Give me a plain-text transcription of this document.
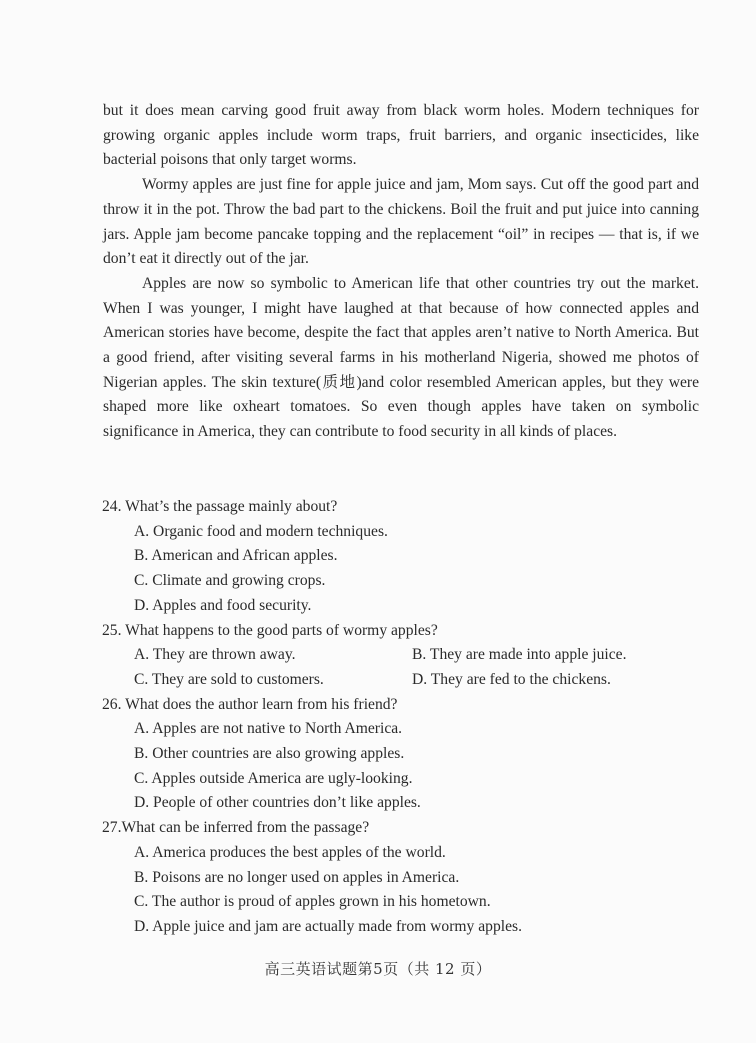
but it does mean carving good fruit away from black worm holes. Modern techniques for growing organic apples include worm traps, fruit barriers, and organic insecticides, like bacterial poisons that only target worms.

Wormy apples are just fine for apple juice and jam, Mom says. Cut off the good part and throw it in the pot. Throw the bad part to the chickens. Boil the fruit and put juice into canning jars. Apple jam become pancake topping and the replacement “oil” in recipes — that is, if we don’t eat it directly out of the jar.

Apples are now so symbolic to American life that other countries try out the market. When I was younger, I might have laughed at that because of how connected apples and American stories have become, despite the fact that apples aren’t native to North America. But a good friend, after visiting several farms in his motherland Nigeria, showed me photos of Nigerian apples. The skin texture(质地)and color resembled American apples, but they were shaped more like oxheart tomatoes. So even though apples have taken on symbolic significance in America, they can contribute to food security in all kinds of places.

24. What’s the passage mainly about?

A. Organic food and modern techniques.

B. American and African apples.

C. Climate and growing crops.

D. Apples and food security.

25. What happens to the good parts of wormy apples?

A. They are thrown away.	B. They are made into apple juice.

C. They are sold to customers.	D. They are fed to the chickens.

26. What does the author learn from his friend?

A. Apples are not native to North America.

B. Other countries are also growing apples.

C. Apples outside America are ugly-looking.

D. People of other countries don’t like apples.

27.What can be inferred from the passage?

A. America produces the best apples of the world.

B. Poisons are no longer used on apples in America.

C. The author is proud of apples grown in his hometown.

D. Apple juice and jam are actually made from wormy apples.

高三英语试题第5页（共 12 页）
